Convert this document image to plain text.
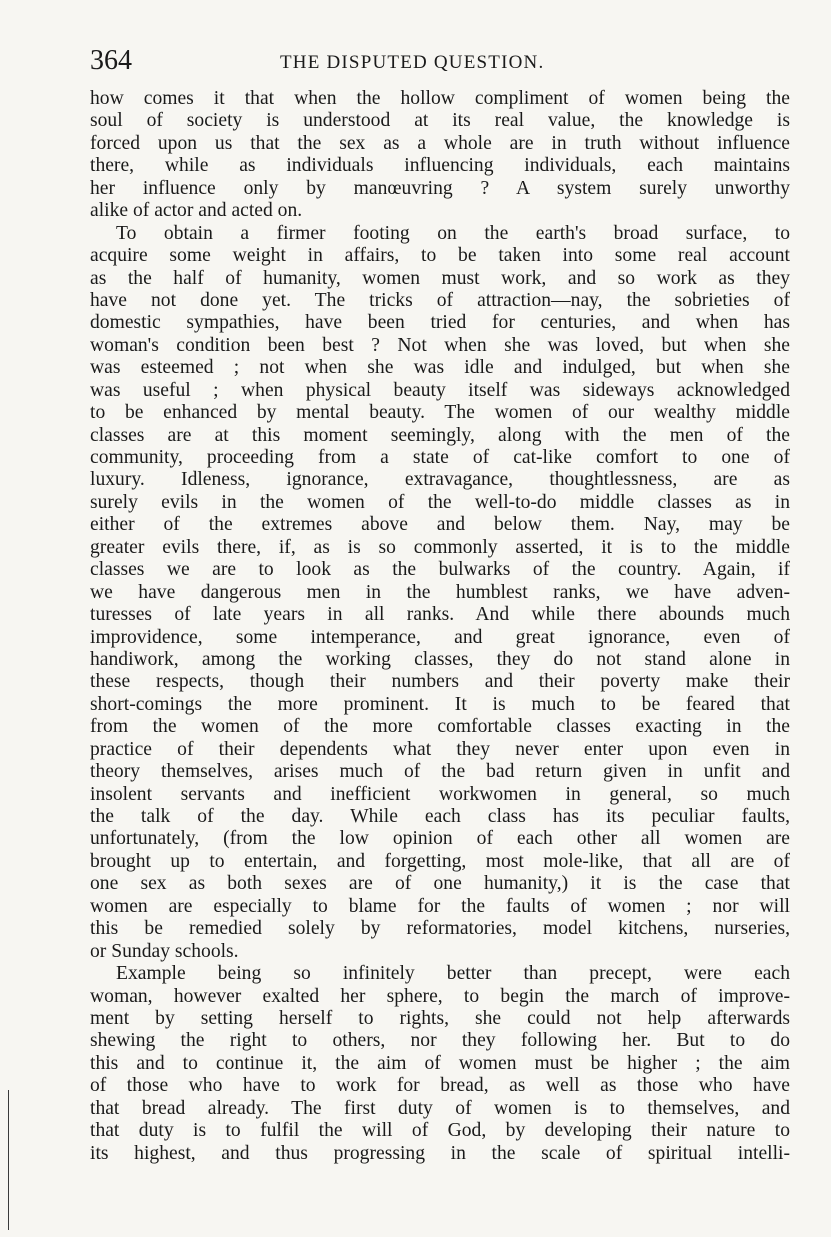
364	THE DISPUTED QUESTION.
how comes it that when the hollow compliment of women being the
soul of society is understood at its real value, the knowledge is
forced upon us that the sex as a whole are in truth without influence
there, while as individuals influencing individuals, each maintains
her influence only by manœuvring ? A system surely unworthy
alike of actor and acted on.
To obtain a firmer footing on the earth's broad surface, to
acquire some weight in affairs, to be taken into some real account
as the half of humanity, women must work, and so work as they
have not done yet. The tricks of attraction—nay, the sobrieties of
domestic sympathies, have been tried for centuries, and when has
woman's condition been best ? Not when she was loved, but when she
was esteemed ; not when she was idle and indulged, but when she
was useful ; when physical beauty itself was sideways acknowledged
to be enhanced by mental beauty. The women of our wealthy middle
classes are at this moment seemingly, along with the men of the
community, proceeding from a state of cat-like comfort to one of
luxury. Idleness, ignorance, extravagance, thoughtlessness, are as
surely evils in the women of the well-to-do middle classes as in
either of the extremes above and below them. Nay, may be
greater evils there, if, as is so commonly asserted, it is to the middle
classes we are to look as the bulwarks of the country. Again, if
we have dangerous men in the humblest ranks, we have adven-
turesses of late years in all ranks. And while there abounds much
improvidence, some intemperance, and great ignorance, even of
handiwork, among the working classes, they do not stand alone in
these respects, though their numbers and their poverty make their
short-comings the more prominent. It is much to be feared that
from the women of the more comfortable classes exacting in the
practice of their dependents what they never enter upon even in
theory themselves, arises much of the bad return given in unfit and
insolent servants and inefficient workwomen in general, so much
the talk of the day. While each class has its peculiar faults,
unfortunately, (from the low opinion of each other all women are
brought up to entertain, and forgetting, most mole-like, that all are of
one sex as both sexes are of one humanity,) it is the case that
women are especially to blame for the faults of women ; nor will
this be remedied solely by reformatories, model kitchens, nurseries,
or Sunday schools.
Example being so infinitely better than precept, were each
woman, however exalted her sphere, to begin the march of improve-
ment by setting herself to rights, she could not help afterwards
shewing the right to others, nor they following her. But to do
this and to continue it, the aim of women must be higher ; the aim
of those who have to work for bread, as well as those who have
that bread already. The first duty of women is to themselves, and
that duty is to fulfil the will of God, by developing their nature to
its highest, and thus progressing in the scale of spiritual intelli-
